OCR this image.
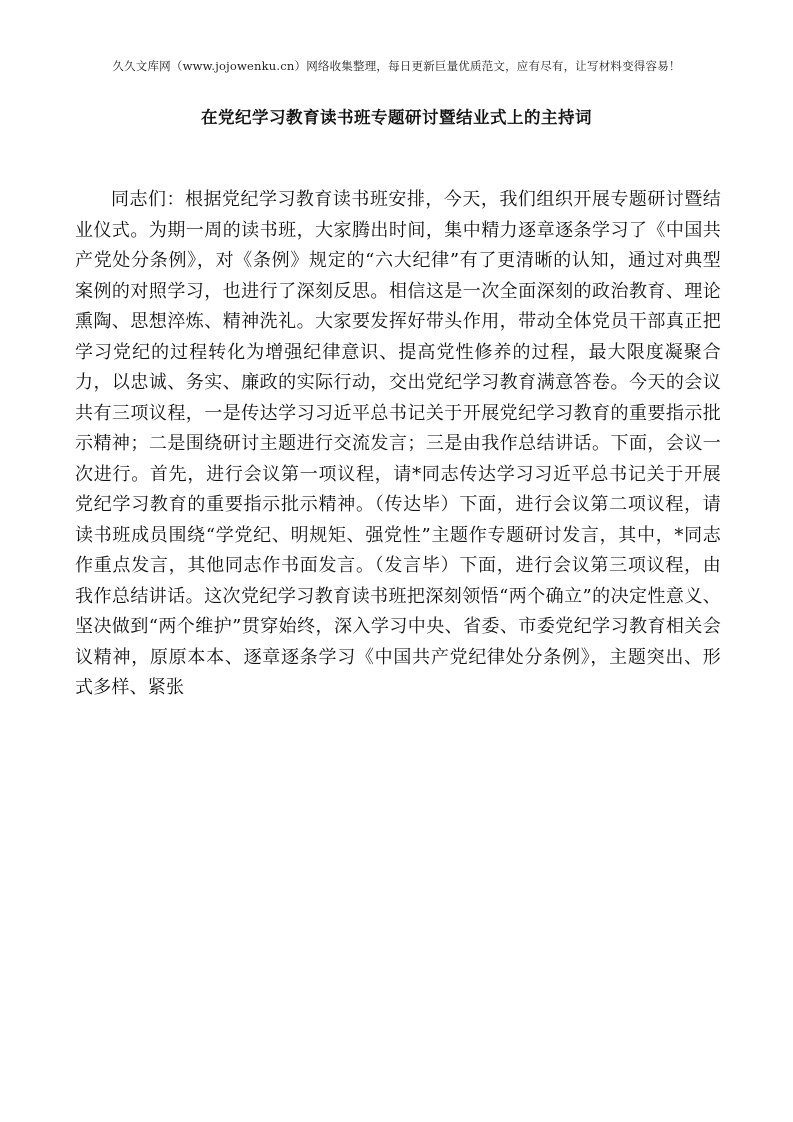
久久文库网（www.jojowenku.cn）网络收集整理，每日更新巨量优质范文，应有尽有，让写材料变得容易！
在党纪学习教育读书班专题研讨暨结业式上的主持词

同志们：根据党纪学习教育读书班安排，今天，我们组织开展专题研讨暨结业仪式。为期一周的读书班，大家腾出时间，集中精力逐章逐条学习了《中国共产党处分条例》，对《条例》规定的“六大纪律”有了更清晰的认知，通过对典型案例的对照学习，也进行了深刻反思。相信这是一次全面深刻的政治教育、理论熏陶、思想淬炼、精神洗礼。大家要发挥好带头作用，带动全体党员干部真正把学习党纪的过程转化为增强纪律意识、提高党性修养的过程，最大限度凝聚合力，以忠诚、务实、廉政的实际行动，交出党纪学习教育满意答卷。今天的会议共有三项议程，一是传达学习习近平总书记关于开展党纪学习教育的重要指示批示精神；二是围绕研讨主题进行交流发言；三是由我作总结讲话。下面，会议一次进行。首先，进行会议第一项议程，请*同志传达学习习近平总书记关于开展党纪学习教育的重要指示批示精神。（传达毕）下面，进行会议第二项议程，请读书班成员围绕“学党纪、明规矩、强党性”主题作专题研讨发言，其中，*同志作重点发言，其他同志作书面发言。（发言毕）下面，进行会议第三项议程，由我作总结讲话。这次党纪学习教育读书班把深刻领悟“两个确立”的决定性意义、坚决做到“两个维护”贯穿始终，深入学习中央、省委、市委党纪学习教育相关会议精神，原原本本、逐章逐条学习《中国共产党纪律处分条例》，主题突出、形式多样、紧张
